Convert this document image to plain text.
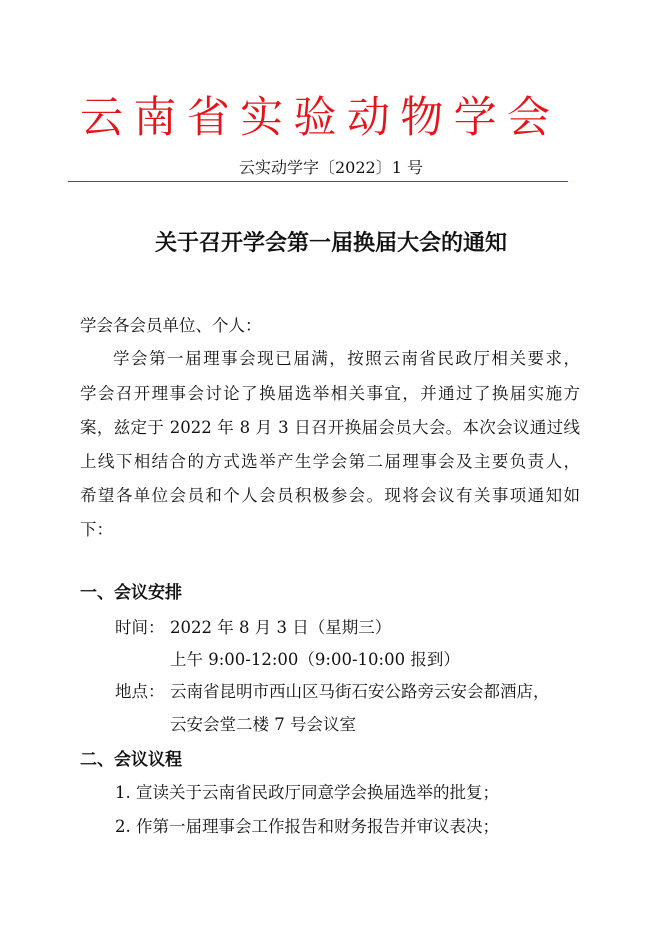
云南省实验动物学会
云实动学字〔2022〕1 号
关于召开学会第一届换届大会的通知
学会各会员单位、个人：
学会第一届理事会现已届满，按照云南省民政厅相关要求，
学会召开理事会讨论了换届选举相关事宜，并通过了换届实施方
案，兹定于 2022 年 8 月 3 日召开换届会员大会。本次会议通过线
上线下相结合的方式选举产生学会第二届理事会及主要负责人，
希望各单位会员和个人会员积极参会。现将会议有关事项通知如
下：
一、会议安排
时间： 2022 年 8 月 3 日（星期三）
上午 9:00-12:00（9:00-10:00 报到）
地点： 云南省昆明市西山区马街石安公路旁云安会都酒店，
云安会堂二楼 7 号会议室
二、会议议程
1. 宣读关于云南省民政厅同意学会换届选举的批复；
2. 作第一届理事会工作报告和财务报告并审议表决；
